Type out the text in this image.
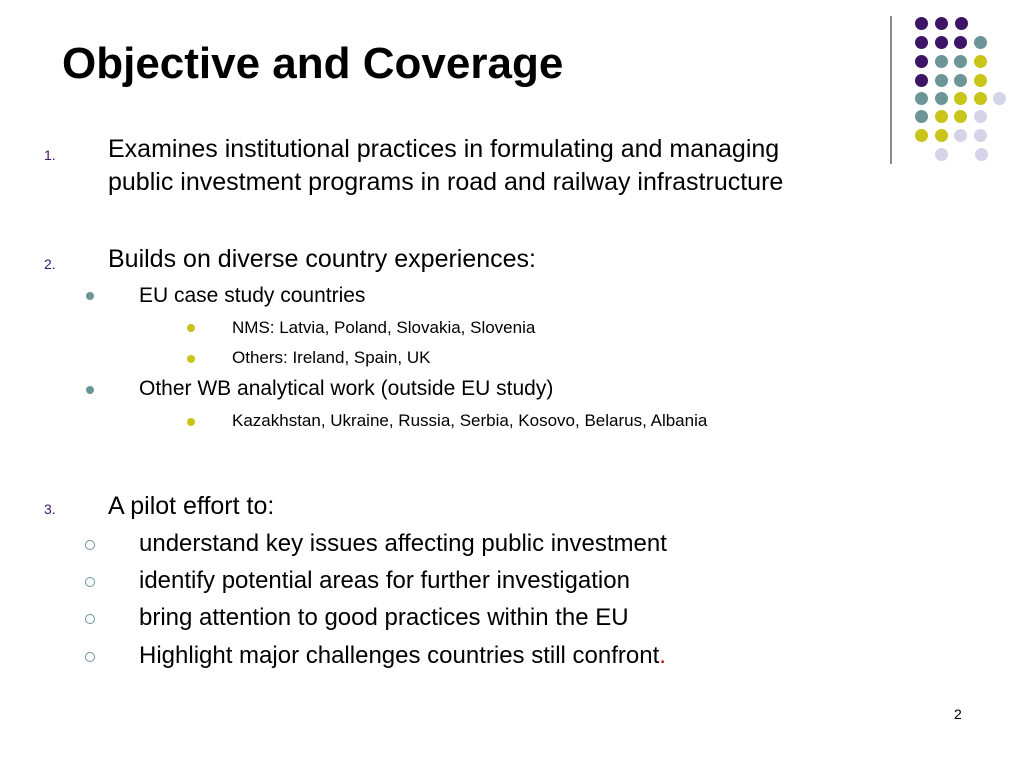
Objective and Coverage
1. Examines institutional practices in formulating and managing
public investment programs in road and railway infrastructure
2. Builds on diverse country experiences:
EU case study countries
NMS: Latvia, Poland, Slovakia, Slovenia
Others: Ireland, Spain, UK
Other WB analytical work (outside EU study)
Kazakhstan, Ukraine, Russia, Serbia, Kosovo, Belarus, Albania
3. A pilot effort to:
understand key issues affecting public investment
identify potential areas for further investigation
bring attention to good practices within the EU
Highlight major challenges countries still confront.
2
